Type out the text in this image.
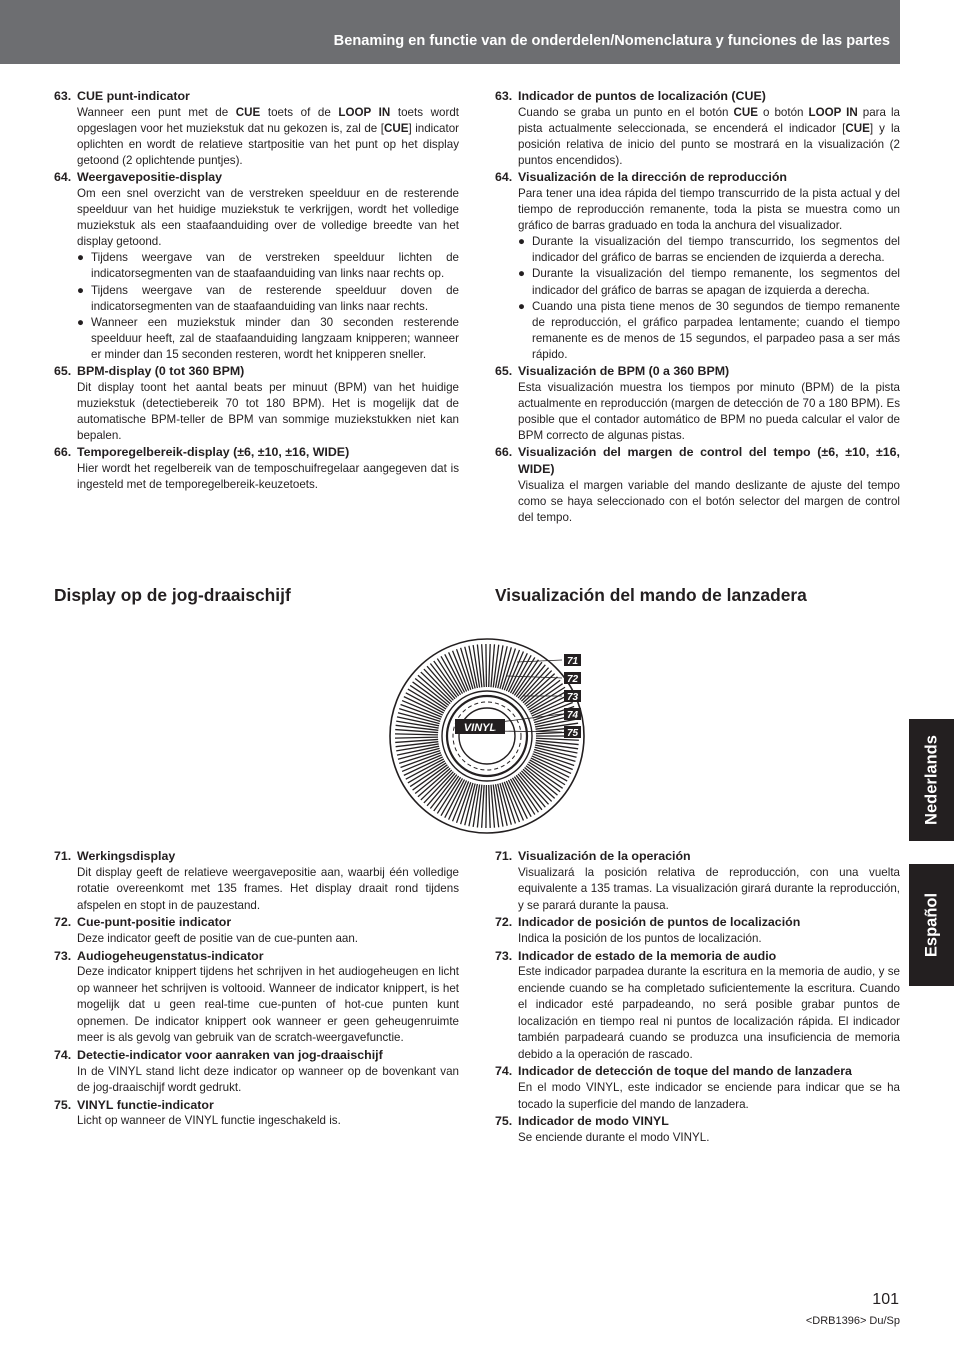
Benaming en functie van de onderdelen/Nomenclatura y funciones de las partes
63. CUE punt-indicator

Wanneer een punt met de CUE toets of de LOOP IN toets wordt opgeslagen voor het muziekstuk dat nu gekozen is, zal de [CUE] indicator oplichten en wordt de relatieve startpositie van het punt op het display getoond (2 oplichtende puntjes).

64. Weergavepositie-display

Om een snel overzicht van de verstreken speelduur en de resterende speelduur van het huidige muziekstuk te verkrijgen, wordt het volledige muziekstuk als een staafaanduiding over de volledige breedte van het display getoond.

● Tijdens weergave van de verstreken speelduur lichten de indicatorsegmenten van de staafaanduiding van links naar rechts op.
● Tijdens weergave van de resterende speelduur doven de indicatorsegmenten van de staafaanduiding van links naar rechts.
● Wanneer een muziekstuk minder dan 30 seconden resterende speelduur heeft, zal de staafaanduiding langzaam knipperen; wanneer er minder dan 15 seconden resteren, wordt het knipperen sneller.
65. BPM-display (0 tot 360 BPM)

Dit display toont het aantal beats per minuut (BPM) van het huidige muziekstuk (detectiebereik 70 tot 180 BPM). Het is mogelijk dat de automatische BPM-teller de BPM van sommige muziekstukken niet kan bepalen.

66. Temporegelbereik-display (±6, ±10, ±16, WIDE)

Hier wordt het regelbereik van de temposchuifregelaar aangegeven dat is ingesteld met de temporegelbereik-keuzetoets.

63. Indicador de puntos de localización (CUE)

Cuando se graba un punto en el botón CUE o botón LOOP IN para la pista actualmente seleccionada, se encenderá el indicador [CUE] y la posición relativa de inicio del punto se mostrará en la visualización (2 puntos encendidos).

64. Visualización de la dirección de reproducción

Para tener una idea rápida del tiempo transcurrido de la pista actual y del tiempo de reproducción remanente, toda la pista se muestra como un gráfico de barras graduado en toda la anchura del visualizador.

● Durante la visualización del tiempo transcurrido, los segmentos del indicador del gráfico de barras se encienden de izquierda a derecha.
● Durante la visualización del tiempo remanente, los segmentos del indicador del gráfico de barras se apagan de izquierda a derecha.
● Cuando una pista tiene menos de 30 segundos de tiempo remanente de reproducción, el gráfico parpadea lentamente; cuando el tiempo remanente es de menos de 15 segundos, el parpadeo pasa a ser más rápido.
65. Visualización de BPM (0 a 360 BPM)

Esta visualización muestra los tiempos por minuto (BPM) de la pista actualmente en reproducción (margen de detección de 70 a 180 BPM). Es posible que el contador automático de BPM no pueda calcular el valor de BPM correcto de algunas pistas.

66. Visualización del margen de control del tempo (±6, ±10, ±16, WIDE)

Visualiza el margen variable del mando deslizante de ajuste del tempo como se haya seleccionado con el botón selector del margen de control del tempo.

Display op de jog-draaischijf	Visualización del mando de lanzadera
VINYL
71
72
73
74
75
71. Werkingsdisplay

Dit display geeft de relatieve weergavepositie aan, waarbij één volledige rotatie overeenkomt met 135 frames. Het display draait rond tijdens afspelen en stopt in de pauzestand.

72. Cue-punt-positie indicator

Deze indicator geeft de positie van de cue-punten aan.

73. Audiogeheugenstatus-indicator

Deze indicator knippert tijdens het schrijven in het audiogeheugen en licht op wanneer het schrijven is voltooid. Wanneer de indicator knippert, is het mogelijk dat u geen real-time cue-punten of hot-cue punten kunt opnemen. De indicator knippert ook wanneer er geen geheugenruimte meer is als gevolg van gebruik van de scratch-weergavefunctie.

74. Detectie-indicator voor aanraken van jog-draaischijf

In de VINYL stand licht deze indicator op wanneer op de bovenkant van de jog-draaischijf wordt gedrukt.

75. VINYL functie-indicator

Licht op wanneer de VINYL functie ingeschakeld is.

71. Visualización de la operación

Visualizará la posición relativa de reproducción, con una vuelta equivalente a 135 tramas. La visualización girará durante la reproducción, y se parará durante la pausa.

72. Indicador de posición de puntos de localización

Indica la posición de los puntos de localización.

73. Indicador de estado de la memoria de audio

Este indicador parpadea durante la escritura en la memoria de audio, y se enciende cuando se ha completado suficientemente la escritura. Cuando el indicador esté parpadeando, no será posible grabar puntos de localización en tiempo real ni puntos de localización rápida. El indicador también parpadeará cuando se produzca una insuficiencia de memoria debido a la operación de rascado.

74. Indicador de detección de toque del mando de lanzadera

En el modo VINYL, este indicador se enciende para indicar que se ha tocado la superficie del mando de lanzadera.

75. Indicador de modo VINYL

Se enciende durante el modo VINYL.

Nederlands
Español
101
<DRB1396> Du/Sp
